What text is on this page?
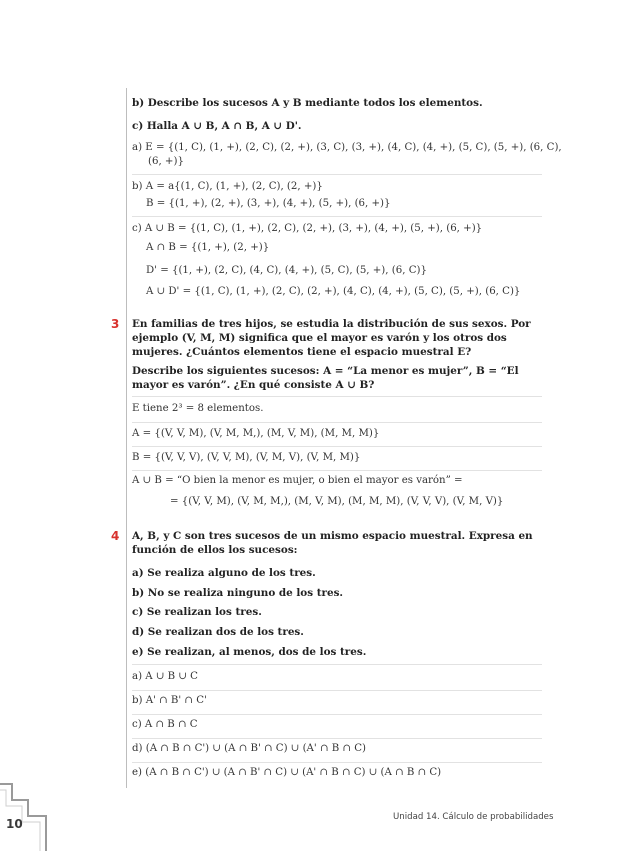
b) Describe los sucesos A y B mediante todos los elementos.

c) Halla A ∪ B, A ∩ B, A ∪ D'.

a) E = {(1, C), (1, +), (2, C), (2, +), (3, C), (3, +), (4, C), (4, +), (5, C), (5, +), (6, C),

(6, +)}

b) A = a{(1, C), (1, +), (2, C), (2, +)}

B = {(1, +), (2, +), (3, +), (4, +), (5, +), (6, +)}

c) A ∪ B = {(1, C), (1, +), (2, C), (2, +), (3, +), (4, +), (5, +), (6, +)}

A ∩ B = {(1, +), (2, +)}

D' = {(1, +), (2, C), (4, C), (4, +), (5, C), (5, +), (6, C)}

A ∪ D' = {(1, C), (1, +), (2, C), (2, +), (4, C), (4, +), (5, C), (5, +), (6, C)}

3 En familias de tres hijos, se estudia la distribución de sus sexos. Por ejemplo (V, M, M) significa que el mayor es varón y los otros dos mujeres. ¿Cuántos elementos tiene el espacio muestral E?

Describe los siguientes sucesos: A = “La menor es mujer”, B = “El mayor es varón”. ¿En qué consiste A ∪ B?

E tiene 2³ = 8 elementos.

A = {(V, V, M), (V, M, M,), (M, V, M), (M, M, M)}

B = {(V, V, V), (V, V, M), (V, M, V), (V, M, M)}

A ∪ B = “O bien la menor es mujer, o bien el mayor es varón” =

= {(V, V, M), (V, M, M,), (M, V, M), (M, M, M), (V, V, V), (V, M, V)}

4 A, B, y C son tres sucesos de un mismo espacio muestral. Expresa en función de ellos los sucesos:

a) Se realiza alguno de los tres.

b) No se realiza ninguno de los tres.

c) Se realizan los tres.

d) Se realizan dos de los tres.

e) Se realizan, al menos, dos de los tres.

a) A ∪ B ∪ C

b) A' ∩ B' ∩ C'

c) A ∩ B ∩ C

d) (A ∩ B ∩ C') ∪ (A ∩ B' ∩ C) ∪ (A' ∩ B ∩ C)

e) (A ∩ B ∩ C') ∪ (A ∩ B' ∩ C) ∪ (A' ∩ B ∩ C) ∪ (A ∩ B ∩ C)

10	Unidad 14. Cálculo de probabilidades
